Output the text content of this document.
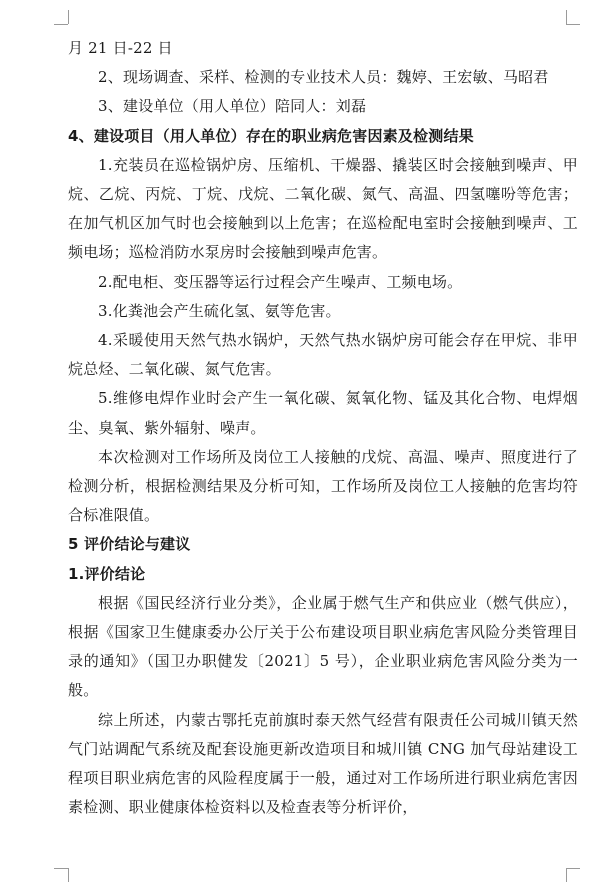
月 21 日-22 日

2、现场调查、采样、检测的专业技术人员：魏婷、王宏敏、马昭君

3、建设单位（用人单位）陪同人：刘磊

4、建设项目（用人单位）存在的职业病危害因素及检测结果

1.充装员在巡检锅炉房、压缩机、干燥器、撬装区时会接触到噪声、甲烷、乙烷、丙烷、丁烷、戊烷、二氧化碳、氮气、高温、四氢噻吩等危害；在加气机区加气时也会接触到以上危害；在巡检配电室时会接触到噪声、工频电场；巡检消防水泵房时会接触到噪声危害。

2.配电柜、变压器等运行过程会产生噪声、工频电场。

3.化粪池会产生硫化氢、氨等危害。

4.采暖使用天然气热水锅炉，天然气热水锅炉房可能会存在甲烷、非甲烷总烃、二氧化碳、氮气危害。

5.维修电焊作业时会产生一氧化碳、氮氧化物、锰及其化合物、电焊烟尘、臭氧、紫外辐射、噪声。

本次检测对工作场所及岗位工人接触的戊烷、高温、噪声、照度进行了检测分析，根据检测结果及分析可知，工作场所及岗位工人接触的危害均符合标准限值。

5 评价结论与建议

1.评价结论

根据《国民经济行业分类》，企业属于燃气生产和供应业（燃气供应），根据《国家卫生健康委办公厅关于公布建设项目职业病危害风险分类管理目录的通知》（国卫办职健发〔2021〕5 号），企业职业病危害风险分类为一般。

综上所述，内蒙古鄂托克前旗时泰天然气经营有限责任公司城川镇天然气门站调配气系统及配套设施更新改造项目和城川镇 CNG 加气母站建设工程项目职业病危害的风险程度属于一般，通过对工作场所进行职业病危害因素检测、职业健康体检资料以及检查表等分析评价，
